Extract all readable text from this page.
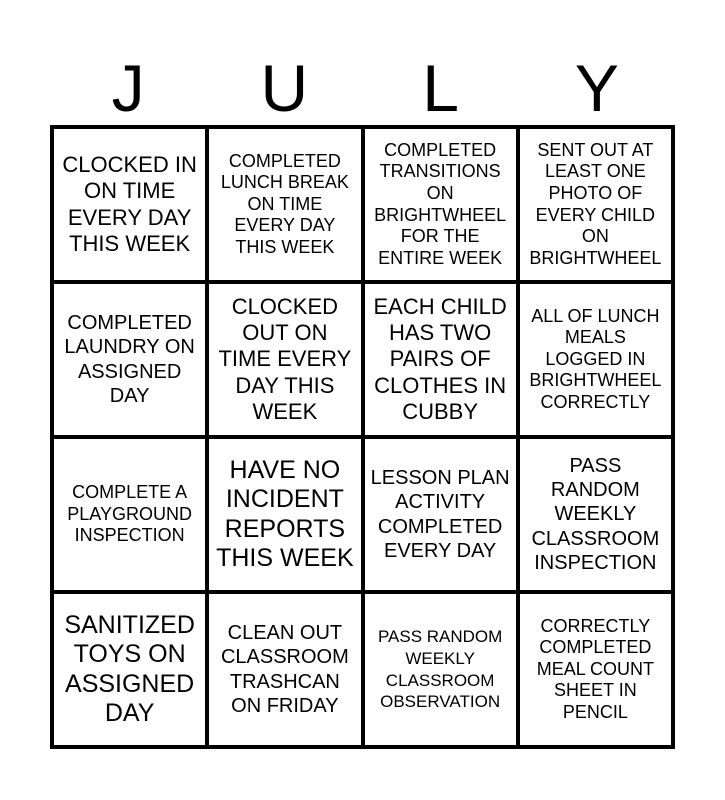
J	U	L	Y
CLOCKED IN ON TIME EVERY DAY THIS WEEK
COMPLETED LUNCH BREAK ON TIME EVERY DAY THIS WEEK
COMPLETED TRANSITIONS ON BRIGHTWHEEL FOR THE ENTIRE WEEK
SENT OUT AT LEAST ONE PHOTO OF EVERY CHILD ON BRIGHTWHEEL
COMPLETED LAUNDRY ON ASSIGNED DAY
CLOCKED OUT ON TIME EVERY DAY THIS WEEK
EACH CHILD HAS TWO PAIRS OF CLOTHES IN CUBBY
ALL OF LUNCH MEALS LOGGED IN BRIGHTWHEEL CORRECTLY
COMPLETE A PLAYGROUND INSPECTION
HAVE NO INCIDENT REPORTS THIS WEEK
LESSON PLAN ACTIVITY COMPLETED EVERY DAY
PASS RANDOM WEEKLY CLASSROOM INSPECTION
SANITIZED TOYS ON ASSIGNED DAY
CLEAN OUT CLASSROOM TRASHCAN ON FRIDAY
PASS RANDOM WEEKLY CLASSROOM OBSERVATION
CORRECTLY COMPLETED MEAL COUNT SHEET IN PENCIL
